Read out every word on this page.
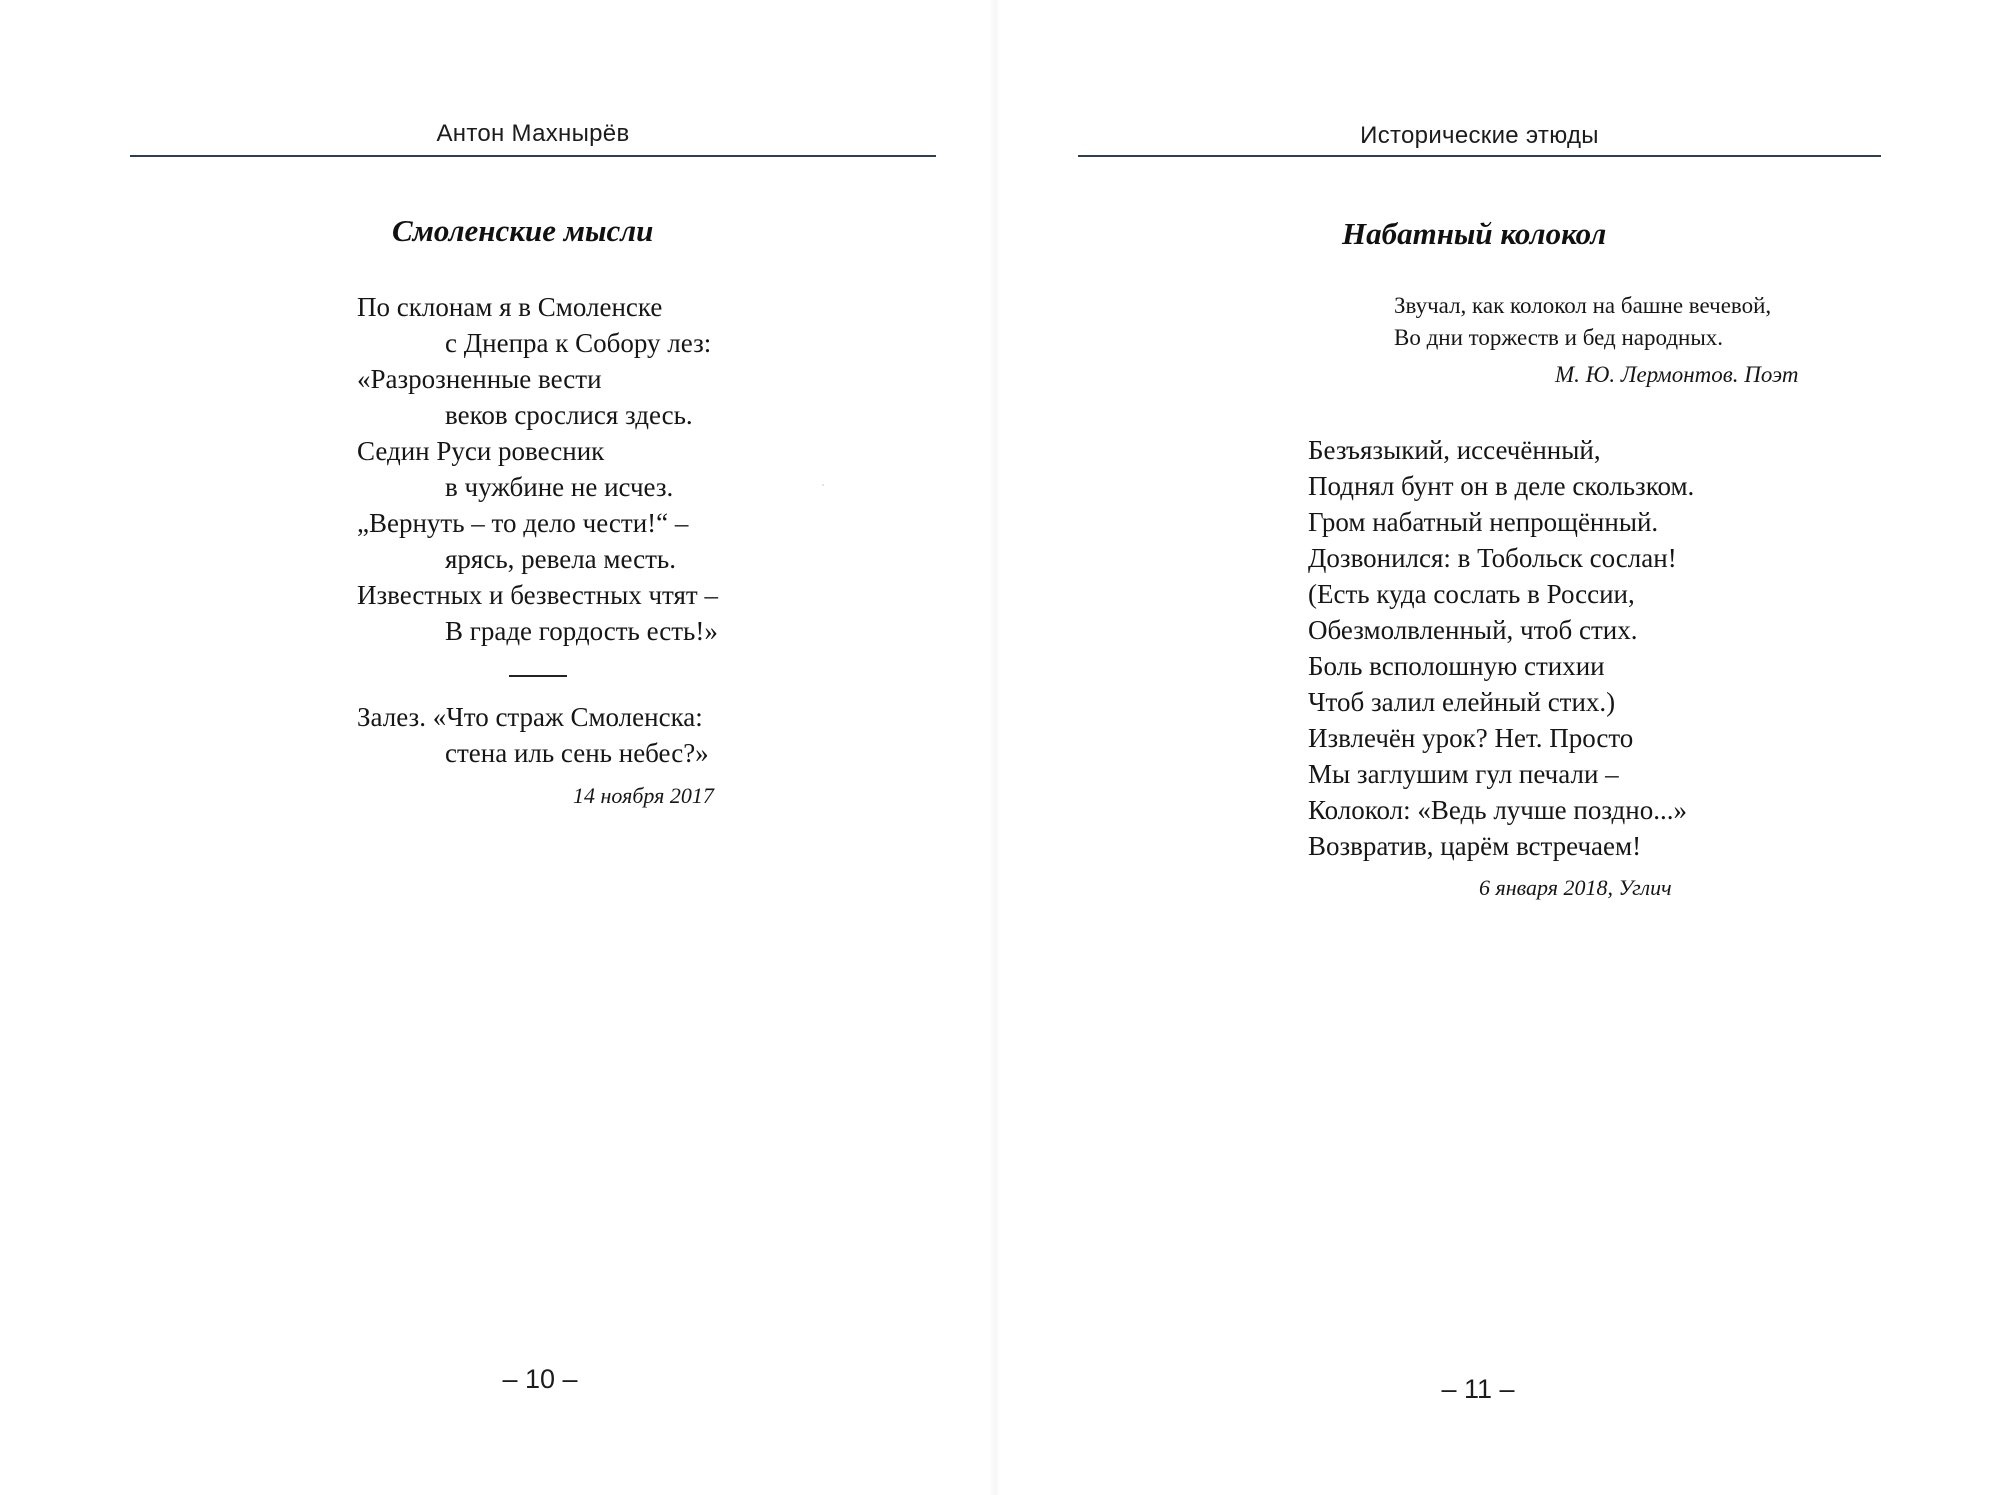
Антон Махнырёв
Смоленские мысли
По склонам я в Смоленске
с Днепра к Собору лез:
«Разрозненные вести
веков срослися здесь.
Седин Руси ровесник
в чужбине не исчез.
„Вернуть – то дело чести!“ –
ярясь, ревела месть.
Известных и безвестных чтят –
В граде гордость есть!»
Залез. «Что страж Смоленска:
стена иль сень небес?»
14 ноября 2017
– 10 –
Исторические этюды
Набатный колокол
Звучал, как колокол на башне вечевой,
Во дни торжеств и бед народных.
М. Ю. Лермонтов. Поэт
Безъязыкий, иссечённый,
Поднял бунт он в деле скользком.
Гром набатный непрощённый.
Дозвонился: в Тобольск сослан!
(Есть куда сослать в России,
Обезмолвленный, чтоб стих.
Боль всполошную стихии
Чтоб залил елейный стих.)
Извлечён урок? Нет. Просто
Мы заглушим гул печали –
Колокол: «Ведь лучше поздно...»
Возвратив, царём встречаем!
6 января 2018, Углич
– 11 –
